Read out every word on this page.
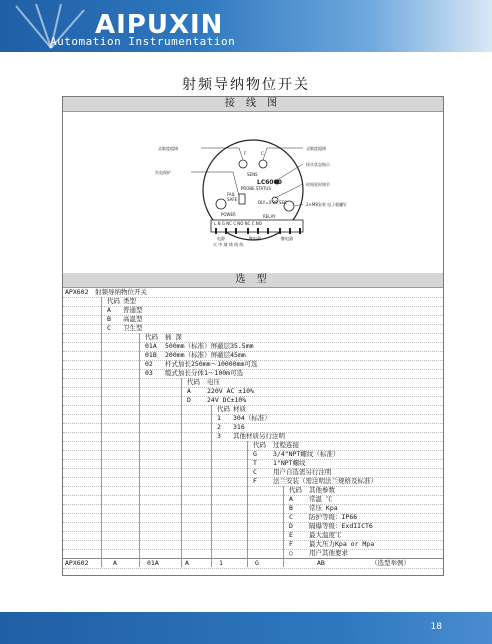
AIPUXIN
Automation Instrumentation
射频导纳物位开关
接 线 图
F	C
SENS
LC6000
PROBE STATUS
FAIL
SAFE
DLY=0-30 SEC
POWER	RELAY
L N G NC C NO NC C NO
电源	继电器	继电器
火 中 地 线 线 线
灵敏度粗调
失电保护
灵敏度粗调
探头状态指示
时间延时调节
2×M8安装 电子板螺钉
选 型
APX602 射频导纳物位开关
代码 类型
A 普通型
B 高温型
C 卫生型
代码 插 深
01A 500mm（标准）屏蔽层35.5mm
01B 200mm（标准）屏蔽层45mm
02 杆式加长250mm～10000mm可选
03 缆式加长分体1～100m可选
代码 电压
A 220V AC ±10%
D 24V DC±10%
代码 材质
1 304（标准）
2 316
3 其他材质另行注明
代码 过程连接
G 3/4"NPT螺纹（标准）
T 1"NPT螺纹
C 用户自选需另行注明
F 法兰安装（需注明法兰规格及标准）
代码 其他参数
A 常温 ℃
B 常压 Kpa
C 防护等级：IP66
D 隔爆等级：ExdIICT6
E 最大温度℃
F 最大压力Kpa or Mpa
○ 用户其他要求
APX602	A	01A	A	1	G	AB	（选型举例）
18
